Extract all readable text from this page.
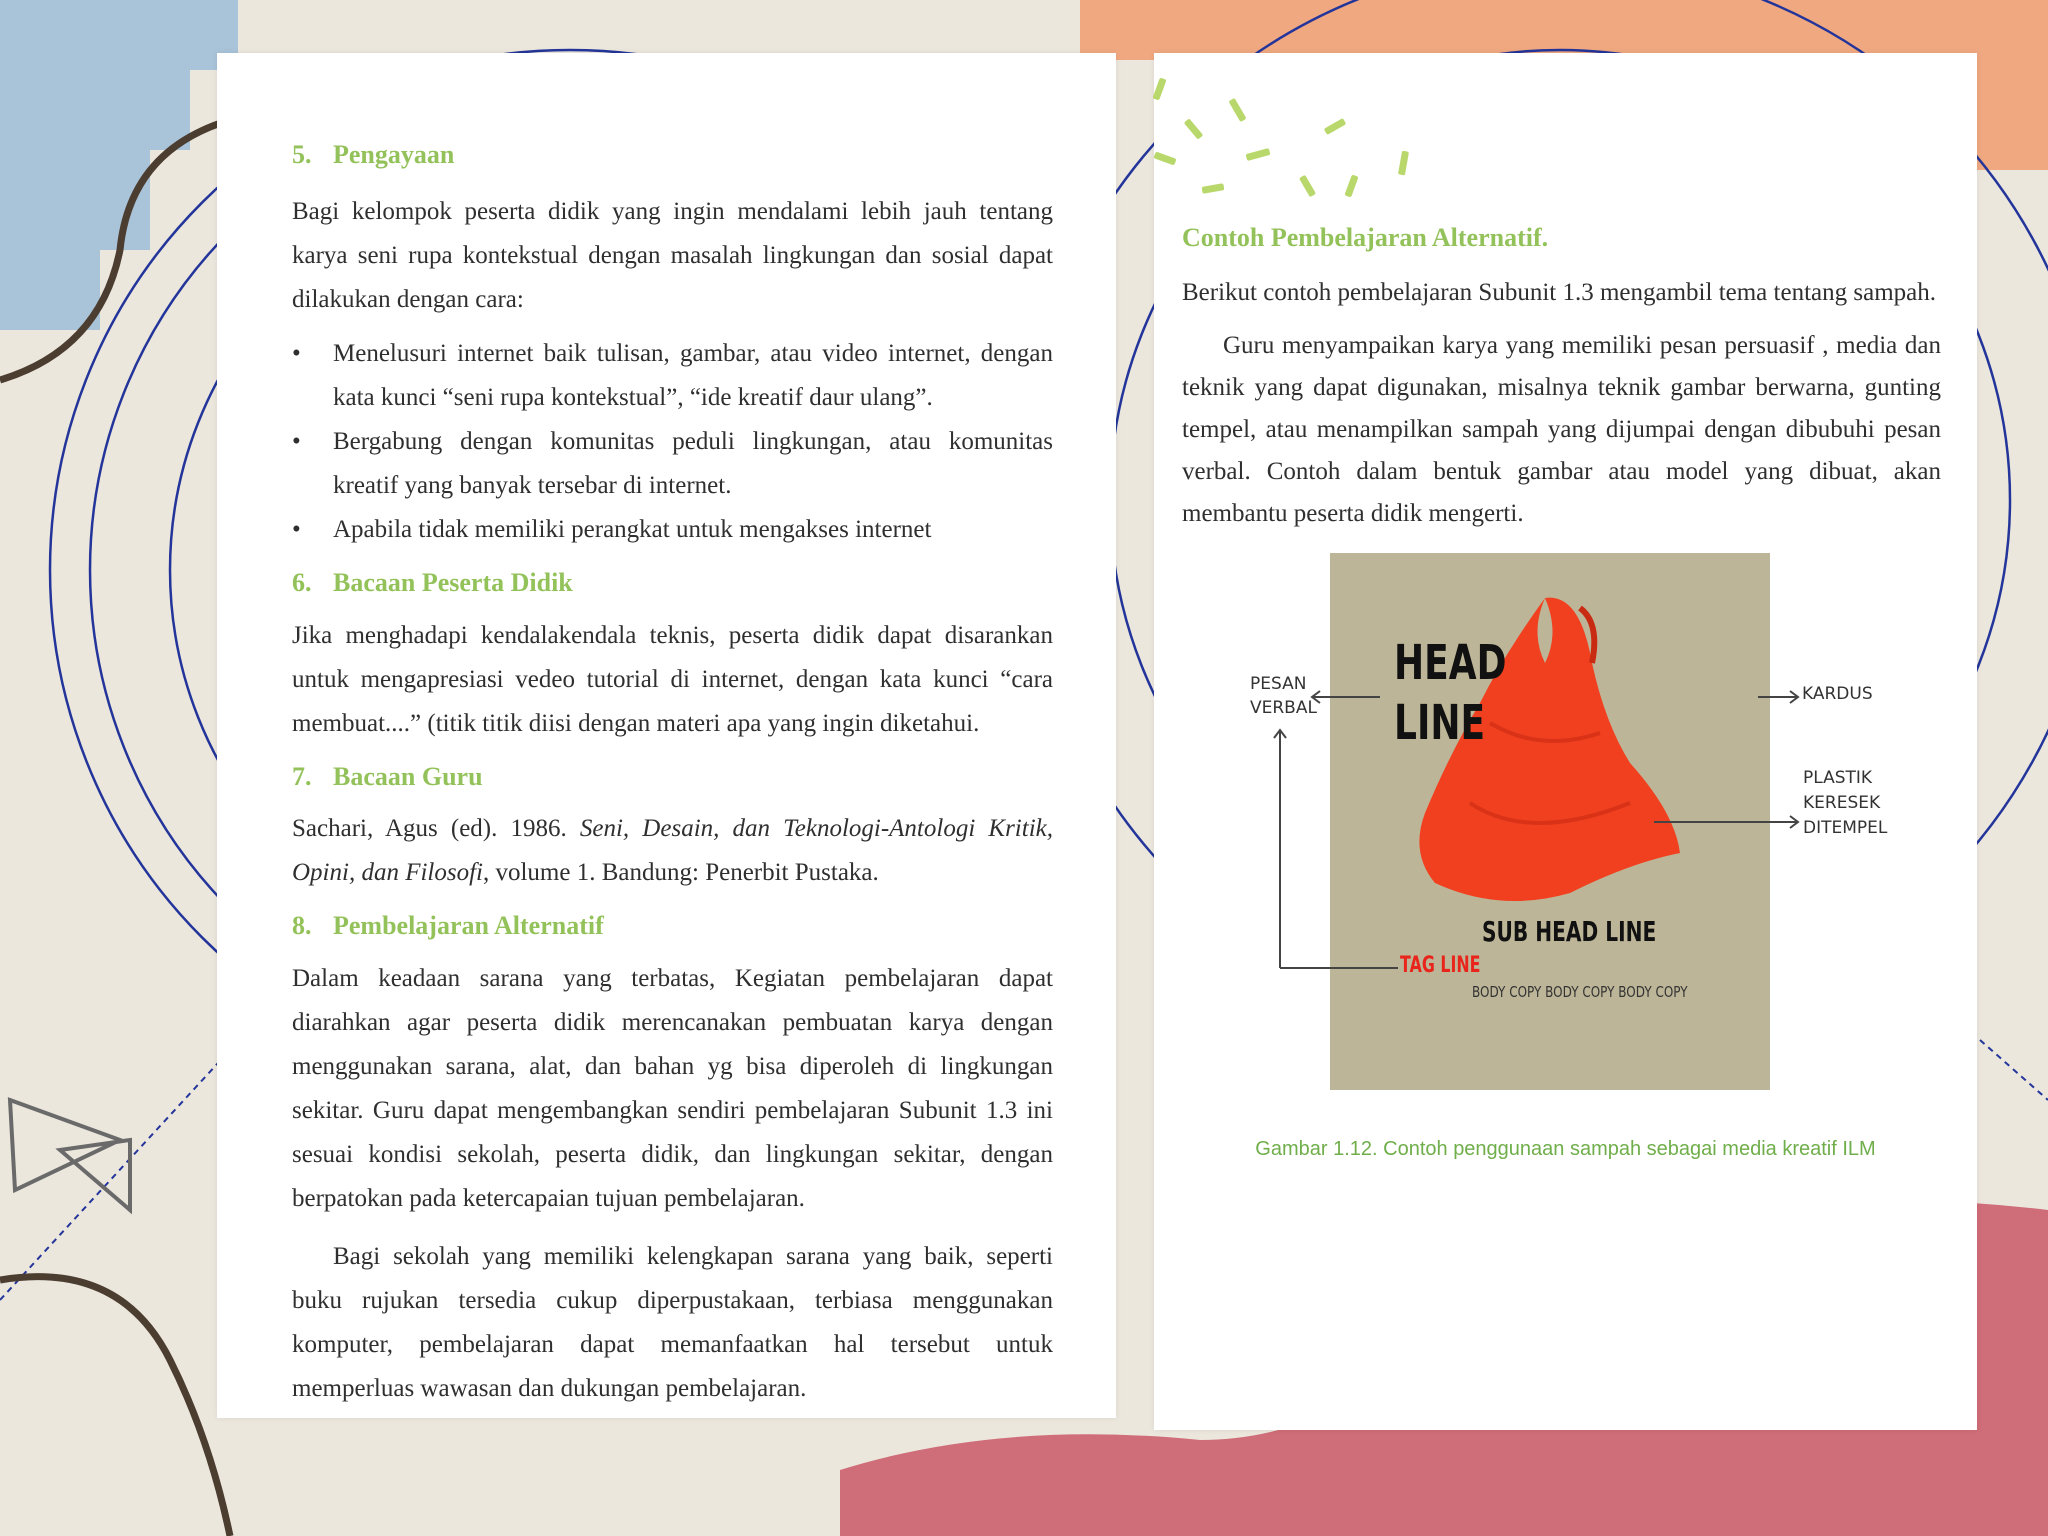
5. Pengayaan

Bagi kelompok peserta didik yang ingin mendalami lebih jauh tentang karya seni rupa kontekstual dengan masalah lingkungan dan sosial dapat dilakukan dengan cara:

•	Menelusuri internet baik tulisan, gambar, atau video internet, dengan kata kunci “seni rupa kontekstual”, “ide kreatif daur ulang”.
•	Bergabung dengan komunitas peduli lingkungan, atau komunitas kreatif yang banyak tersebar di internet.
•	Apabila tidak memiliki perangkat untuk mengakses internet
6. Bacaan Peserta Didik

Jika menghadapi kendalakendala teknis, peserta didik dapat disarankan untuk mengapresiasi vedeo tutorial di internet, dengan kata kunci “cara membuat....” (titik titik diisi dengan materi apa yang ingin diketahui.

7. Bacaan Guru

Sachari, Agus (ed). 1986. Seni, Desain, dan Teknologi-Antologi Kritik, Opini, dan Filosofi, volume 1. Bandung: Penerbit Pustaka.

8. Pembelajaran Alternatif

Dalam keadaan sarana yang terbatas, Kegiatan pembelajaran dapat diarahkan agar peserta didik merencanakan pembuatan karya dengan menggunakan sarana, alat, dan bahan yg bisa diperoleh di lingkungan sekitar. Guru dapat mengembangkan sendiri pembelajaran Subunit 1.3 ini sesuai kondisi sekolah, peserta didik, dan lingkungan sekitar, dengan berpatokan pada ketercapaian tujuan pembelajaran.

Bagi sekolah yang memiliki kelengkapan sarana yang baik, seperti buku rujukan tersedia cukup diperpustakaan, terbiasa menggunakan komputer, pembelajaran dapat memanfaatkan hal tersebut untuk memperluas wawasan dan dukungan pembelajaran.

Contoh Pembelajaran Alternatif.

Berikut contoh pembelajaran Subunit 1.3 mengambil tema tentang sampah.

Guru menyampaikan karya yang memiliki pesan persuasif , media dan teknik yang dapat digunakan, misalnya teknik gambar berwarna, gunting tempel, atau menampilkan sampah yang dijumpai dengan dibubuhi pesan verbal. Contoh dalam bentuk gambar atau model yang dibuat, akan membantu peserta didik mengerti.

HEAD
LINE
SUB HEAD LINE
TAG LINE
BODY COPY BODY COPY BODY COPY
PESAN
VERBAL
KARDUS
PLASTIK
KERESEK
DITEMPEL
Gambar 1.12. Contoh penggunaan sampah sebagai media kreatif ILM
